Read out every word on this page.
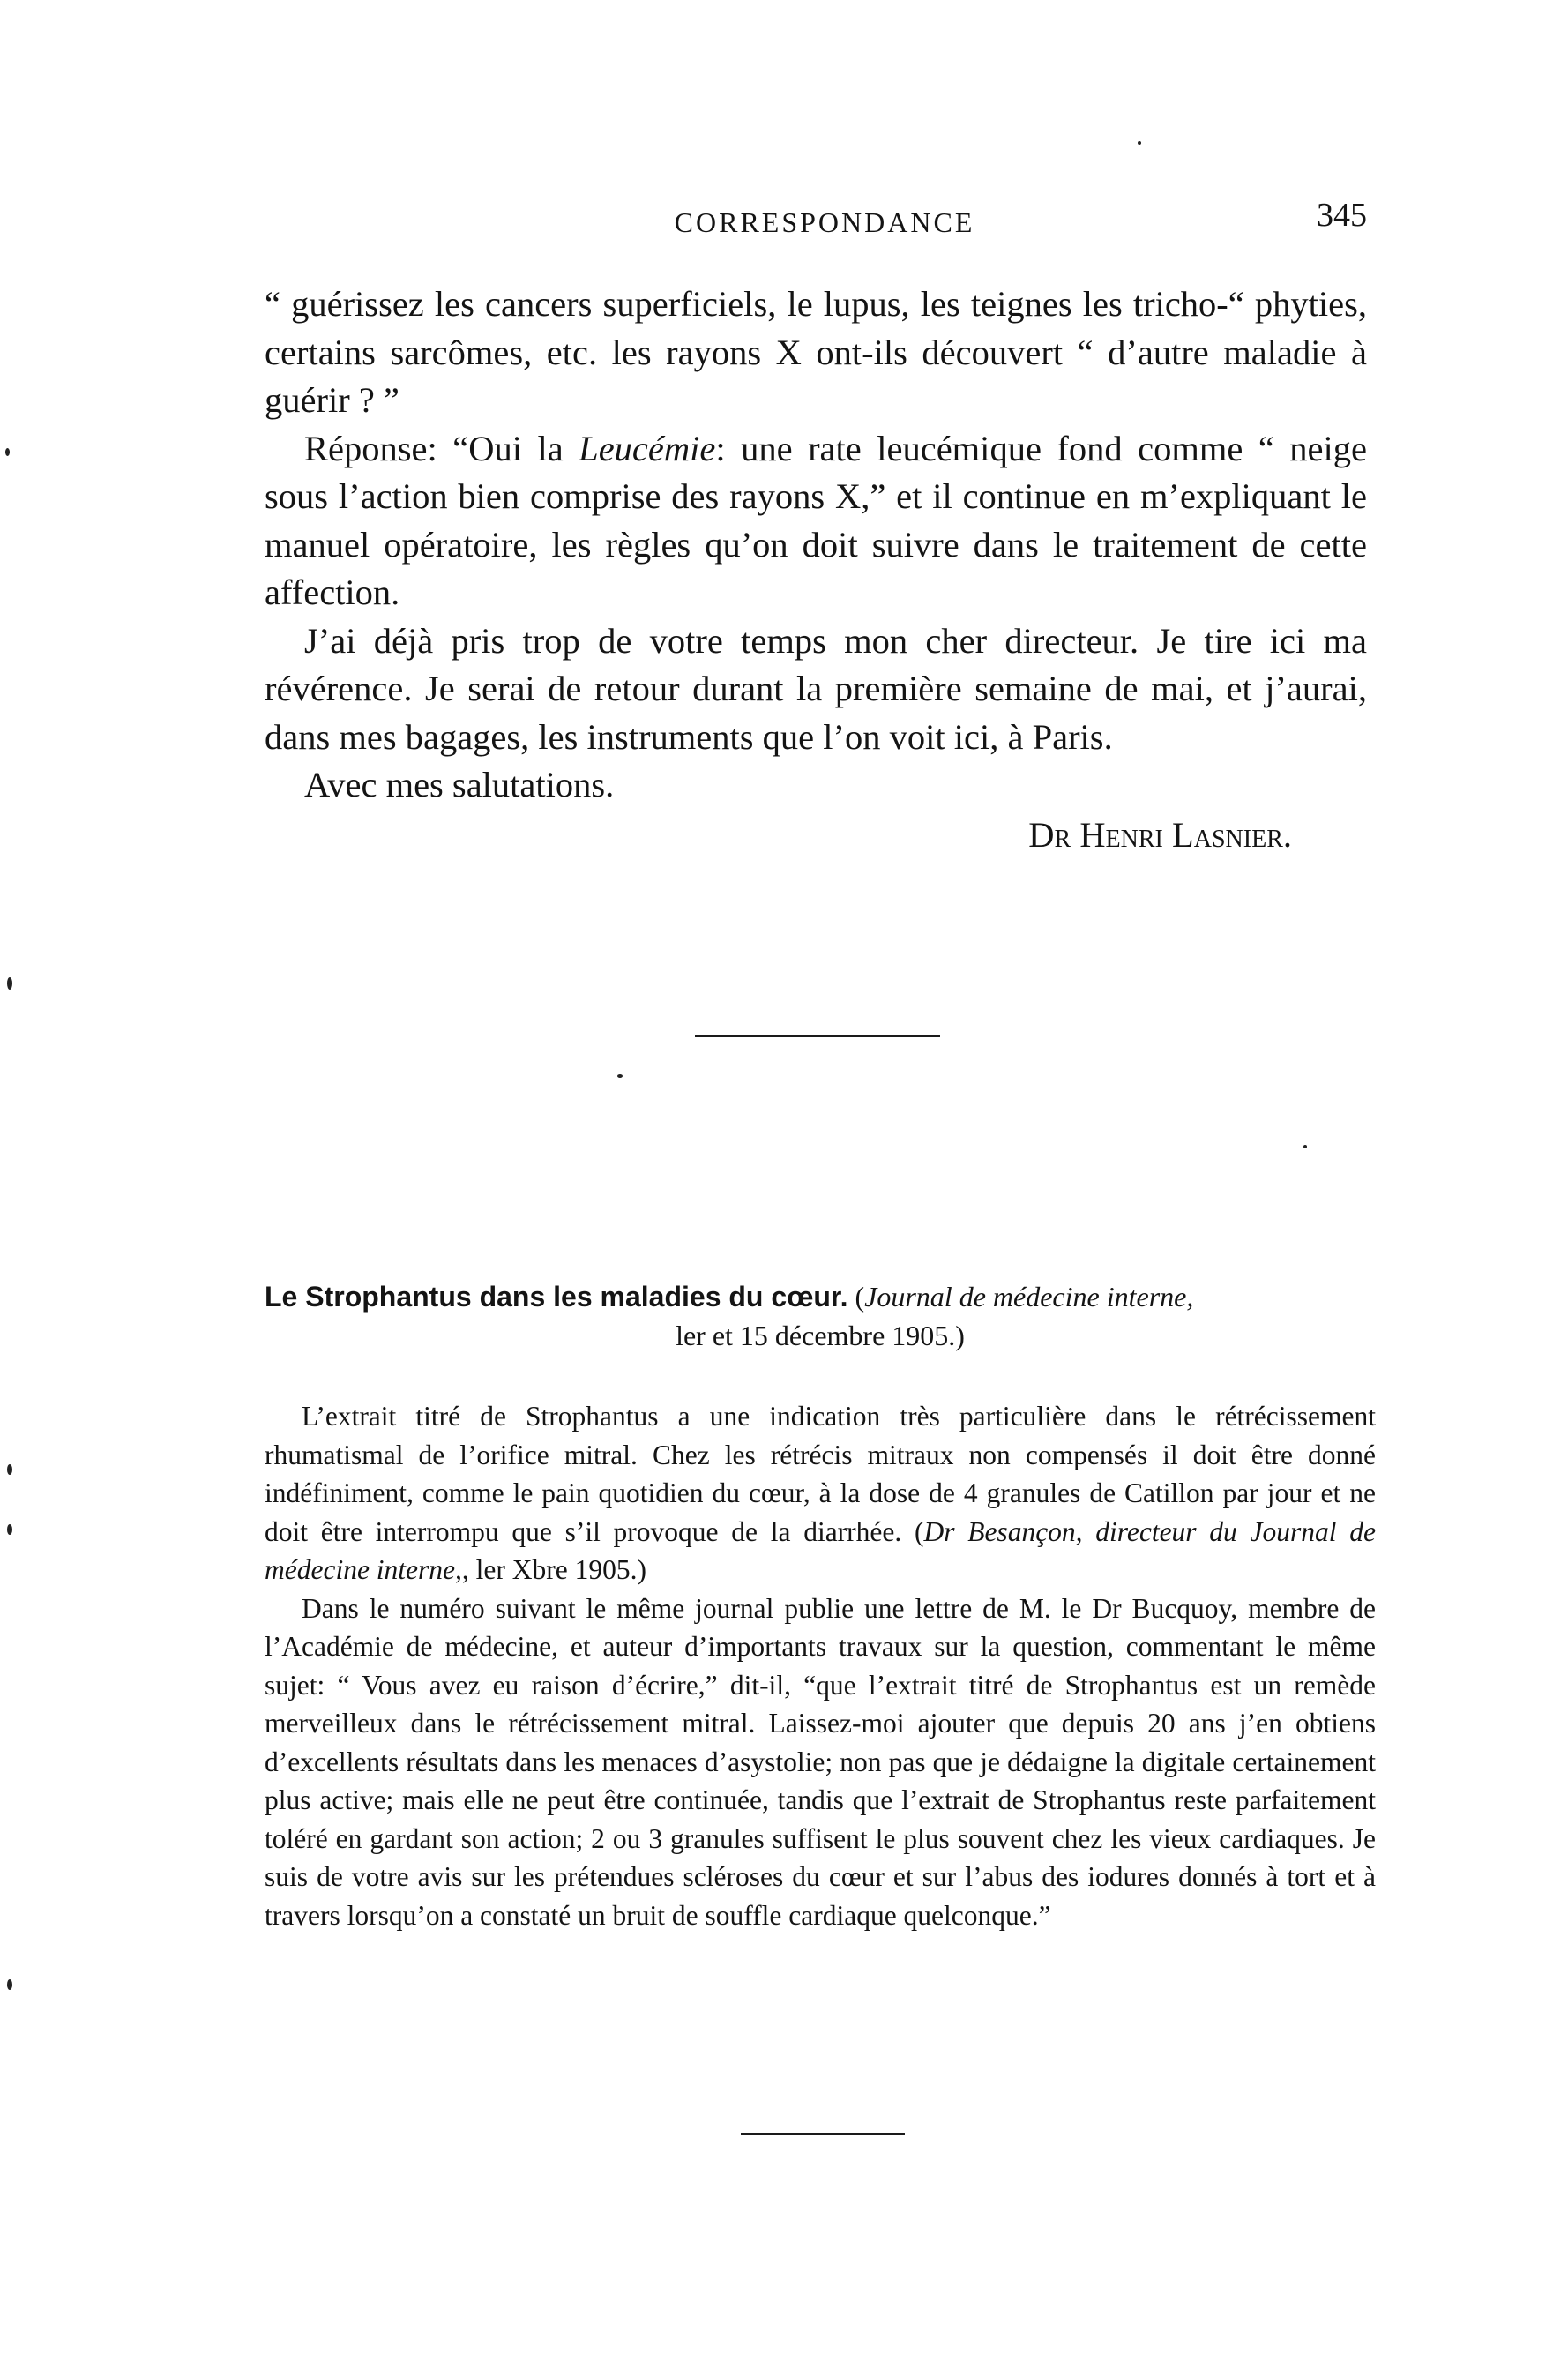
CORRESPONDANCE	345

“ guérissez les cancers superficiels, le lupus, les teignes les tricho-“ phyties, certains sarcômes, etc. les rayons X ont-ils découvert “ d’autre maladie à guérir ? ”

Réponse: “Oui la Leucémie: une rate leucémique fond comme “ neige sous l’action bien comprise des rayons X,” et il continue en m’expliquant le manuel opératoire, les règles qu’on doit suivre dans le traitement de cette affection.

J’ai déjà pris trop de votre temps mon cher directeur. Je tire ici ma révérence. Je serai de retour durant la première semaine de mai, et j’aurai, dans mes bagages, les instruments que l’on voit ici, à Paris.

Avec mes salutations.

Dr Henri Lasnier.

Le Strophantus dans les maladies du cœur. (Journal de médecine interne,
ler et 15 décembre 1905.)

L’extrait titré de Strophantus a une indication très particulière dans le rétrécissement rhumatismal de l’orifice mitral. Chez les rétrécis mitraux non compensés il doit être donné indéfiniment, comme le pain quotidien du cœur, à la dose de 4 granules de Catillon par jour et ne doit être interrompu que s’il provoque de la diarrhée. (Dr Besançon, directeur du Journal de médecine interne,, ler Xbre 1905.)

Dans le numéro suivant le même journal publie une lettre de M. le Dr Bucquoy, membre de l’Académie de médecine, et auteur d’importants travaux sur la question, commentant le même sujet: “ Vous avez eu raison d’écrire,” dit-il, “que l’extrait titré de Strophantus est un remède merveilleux dans le rétrécissement mitral. Laissez-moi ajouter que depuis 20 ans j’en obtiens d’excellents résultats dans les menaces d’asystolie; non pas que je dédaigne la digitale certainement plus active; mais elle ne peut être continuée, tandis que l’extrait de Strophantus reste parfaitement toléré en gardant son action; 2 ou 3 granules suffisent le plus souvent chez les vieux cardiaques. Je suis de votre avis sur les prétendues scléroses du cœur et sur l’abus des iodures donnés à tort et à travers lorsqu’on a constaté un bruit de souffle cardiaque quelconque.”
